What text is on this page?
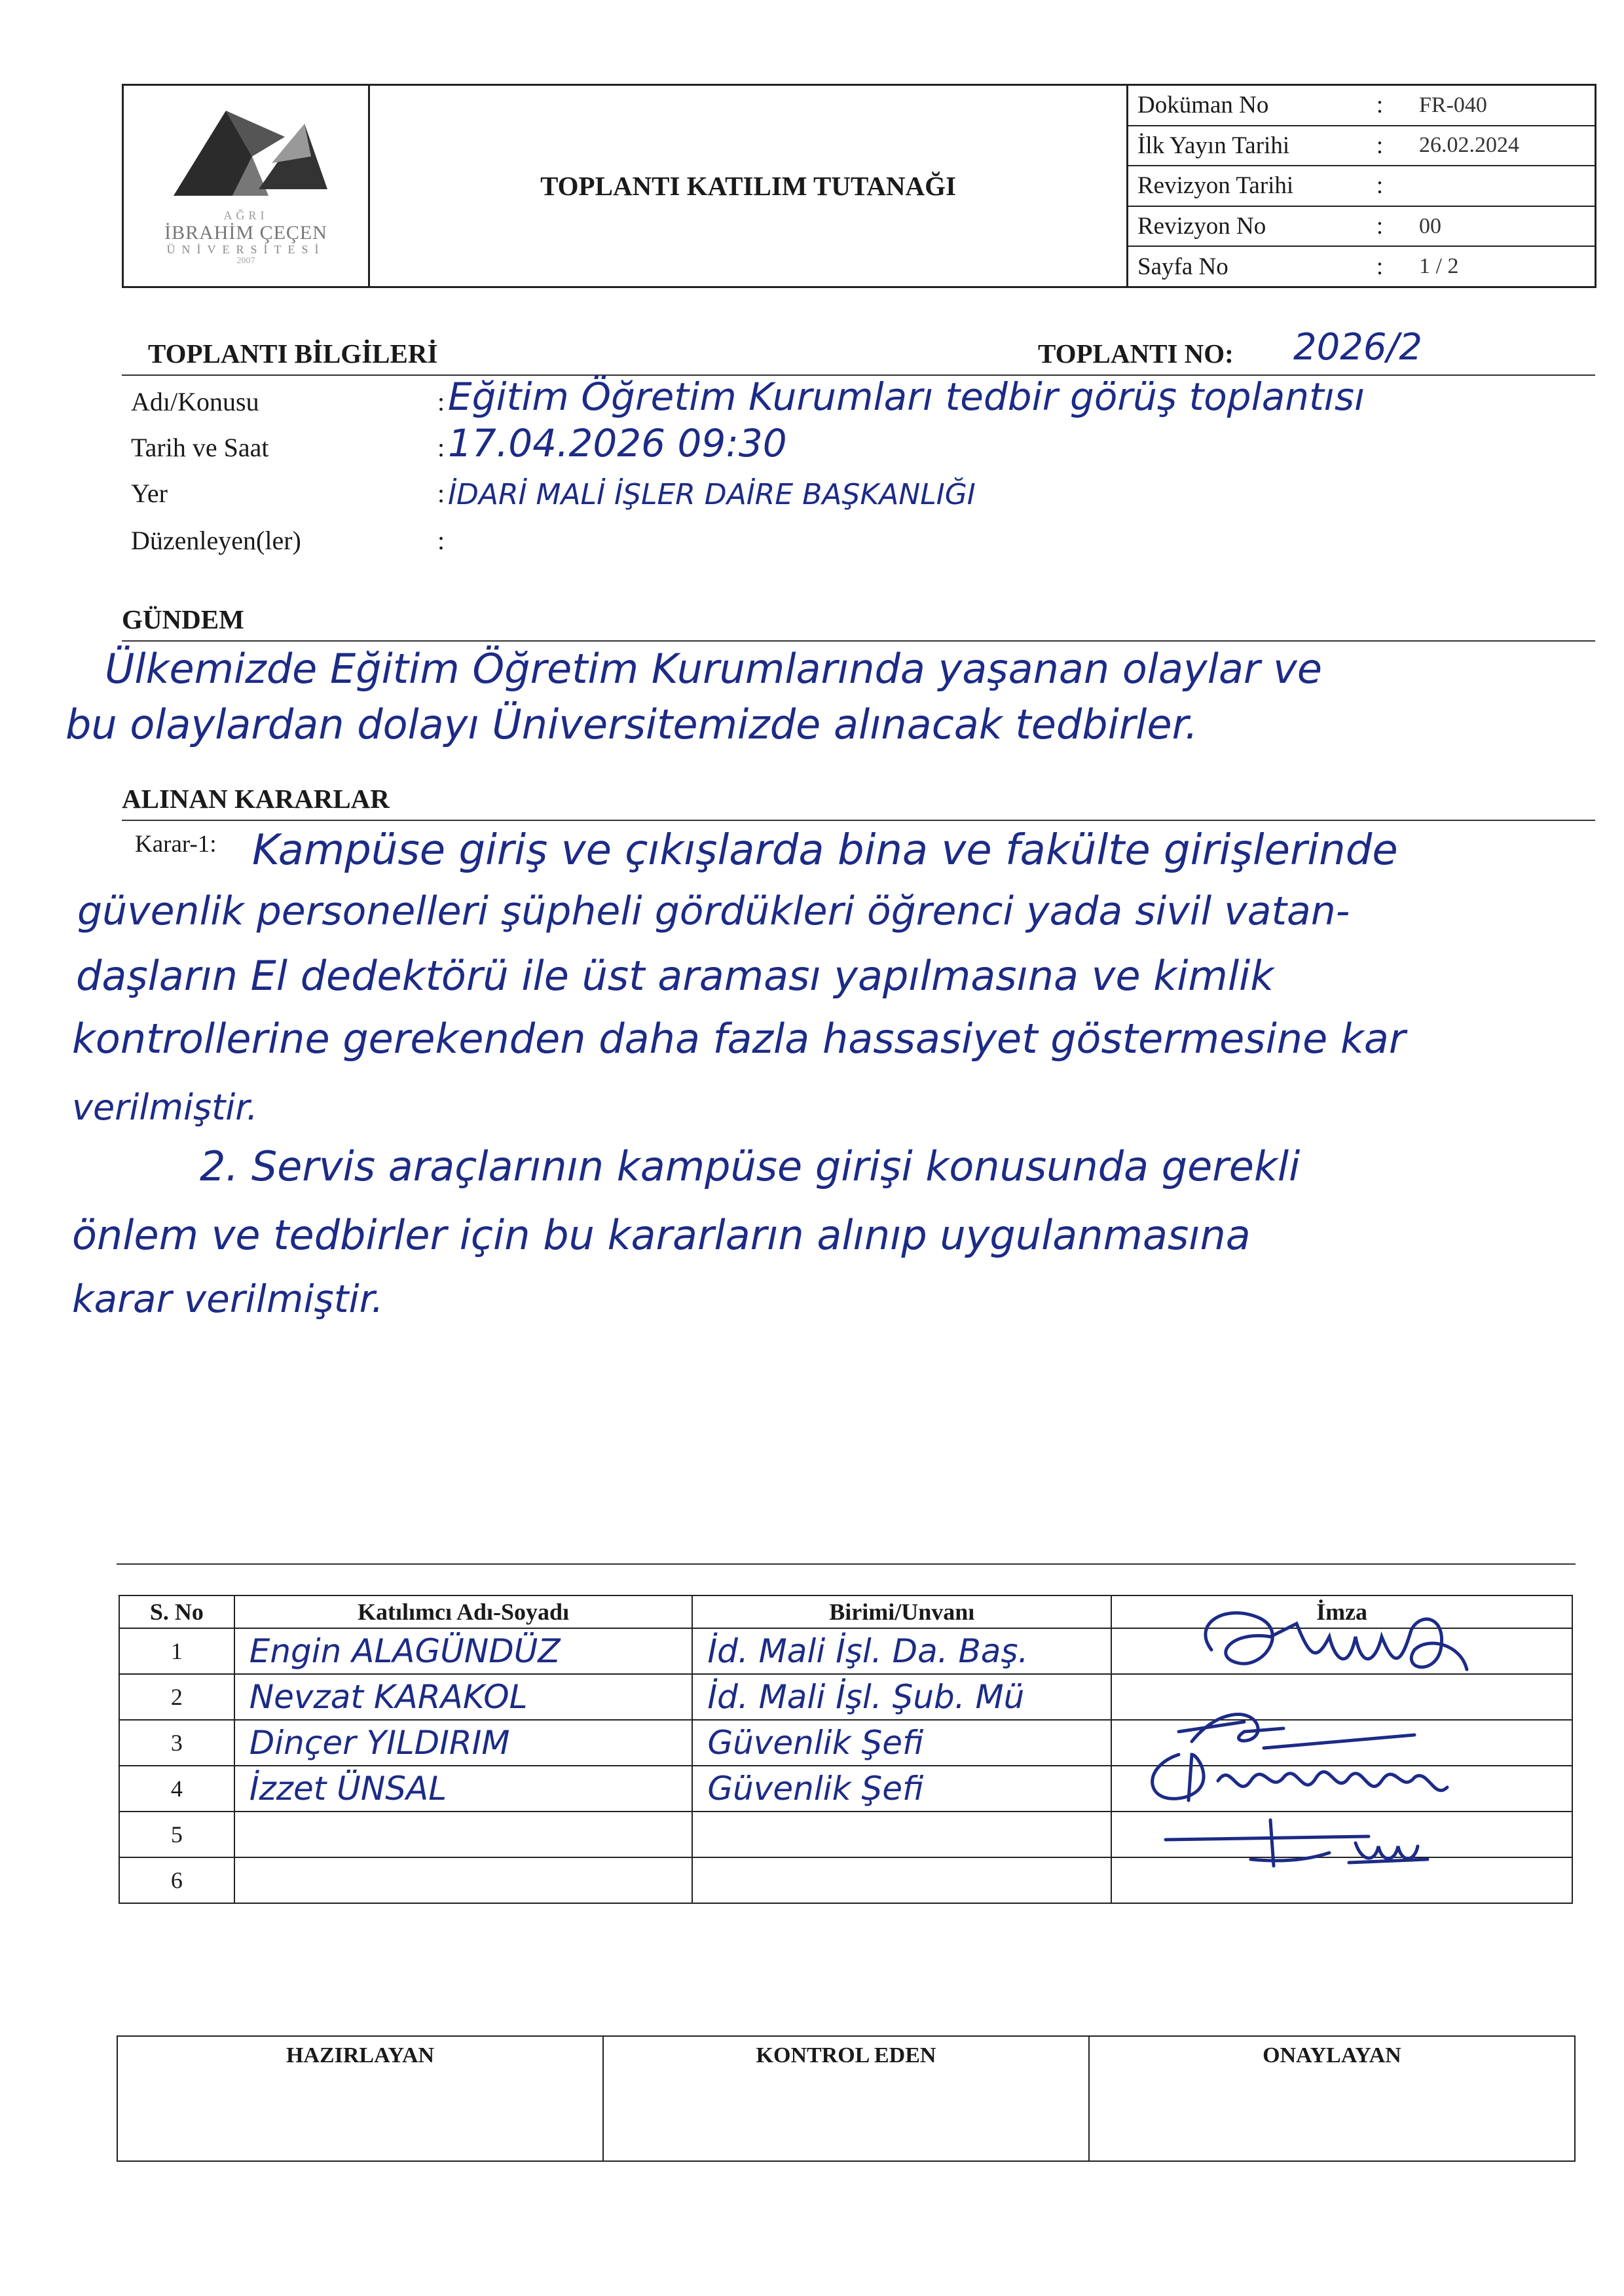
AĞRI
İBRAHİM ÇEÇEN
ÜNİVERSİTESİ
2007
TOPLANTI KATILIM TUTANAĞI
Doküman No	:	FR-040
İlk Yayın Tarihi	:	26.02.2024
Revizyon Tarihi	:
Revizyon No	:	00
Sayfa No	:	1 / 2
TOPLANTI BİLGİLERİ	TOPLANTI NO: 2026/2
Adı/Konusu	: Eğitim Öğretim Kurumları tedbir görüş toplantısı
Tarih ve Saat	: 17.04.2026 09:30
Yer	: İDARİ MALİ İŞLER DAİRE BAŞKANLIĞI
Düzenleyen(ler)	:
GÜNDEM
Ülkemizde Eğitim Öğretim Kurumlarında yaşanan olaylar ve
bu olaylardan dolayı Üniversitemizde alınacak tedbirler.
ALINAN KARARLAR
Karar-1: Kampüse giriş ve çıkışlarda bina ve fakülte girişlerinde
güvenlik personelleri şüpheli gördükleri öğrenci yada sivil vatan-
daşların El dedektörü ile üst araması yapılmasına ve kimlik
kontrollerine gerekenden daha fazla hassasiyet göstermesine kar
verilmiştir.
2. Servis araçlarının kampüse girişi konusunda gerekli
önlem ve tedbirler için bu kararların alınıp uygulanmasına
karar verilmiştir.
S. No	Katılımcı Adı-Soyadı	Birimi/Unvanı	İmza
1	Engin ALAGÜNDÜZ	İd. Mali İşl. Da. Baş.	
2	Nevzat KARAKOL	İd. Mali İşl. Şub. Mü	
3	Dinçer YILDIRIM	Güvenlik Şefi	
4	İzzet ÜNSAL	Güvenlik Şefi	
5			
6			
HAZIRLAYAN	KONTROL EDEN	ONAYLAYAN
